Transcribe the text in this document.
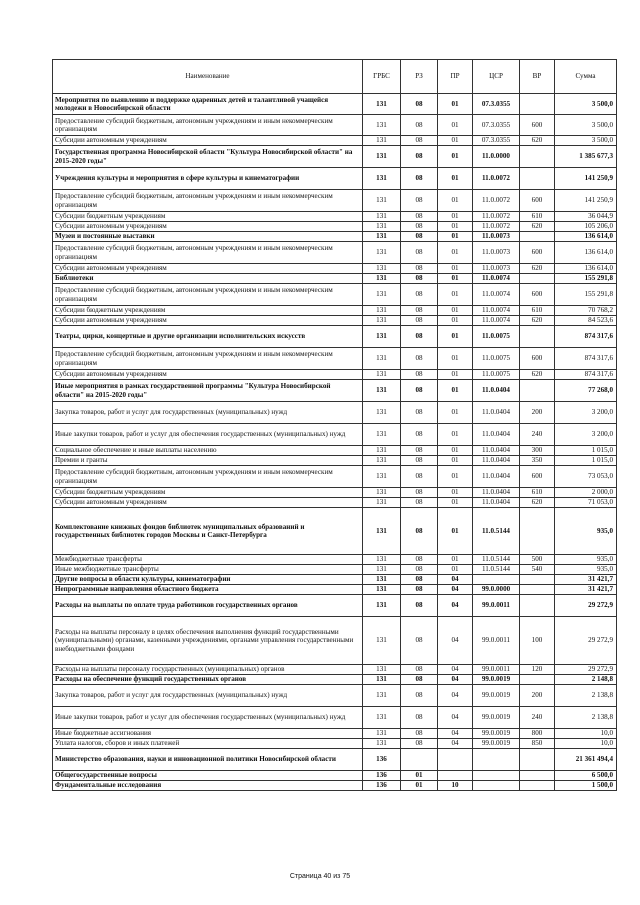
Наименование	ГРБС	РЗ	ПР	ЦСР	ВР	Сумма
Мероприятия по выявлению и поддержке одаренных детей и талантливой учащейся молодежи в Новосибирской области	131	08	01	07.3.0355		3 500,0
Предоставление субсидий бюджетным, автономным учреждениям и иным некоммерческим организациям	131	08	01	07.3.0355	600	3 500,0
Субсидии автономным учреждениям	131	08	01	07.3.0355	620	3 500,0
Государственная программа Новосибирской области "Культура Новосибирской области" на 2015-2020 годы"	131	08	01	11.0.0000		1 385 677,3
Учреждения культуры и мероприятия в сфере культуры и кинематографии	131	08	01	11.0.0072		141 250,9
Предоставление субсидий бюджетным, автономным учреждениям и иным некоммерческим организациям	131	08	01	11.0.0072	600	141 250,9
Субсидии бюджетным учреждениям	131	08	01	11.0.0072	610	36 044,9
Субсидии автономным учреждениям	131	08	01	11.0.0072	620	105 206,0
Музеи и постоянные выставки	131	08	01	11.0.0073		136 614,0
Предоставление субсидий бюджетным, автономным учреждениям и иным некоммерческим организациям	131	08	01	11.0.0073	600	136 614,0
Субсидии автономным учреждениям	131	08	01	11.0.0073	620	136 614,0
Библиотеки	131	08	01	11.0.0074		155 291,8
Предоставление субсидий бюджетным, автономным учреждениям и иным некоммерческим организациям	131	08	01	11.0.0074	600	155 291,8
Субсидии бюджетным учреждениям	131	08	01	11.0.0074	610	70 768,2
Субсидии автономным учреждениям	131	08	01	11.0.0074	620	84 523,6
Театры, цирки, концертные и другие организации исполнительских искусств	131	08	01	11.0.0075		874 317,6
Предоставление субсидий бюджетным, автономным учреждениям и иным некоммерческим организациям	131	08	01	11.0.0075	600	874 317,6
Субсидии автономным учреждениям	131	08	01	11.0.0075	620	874 317,6
Иные мероприятия в рамках государственной программы "Культура Новосибирской области" на 2015-2020 годы"	131	08	01	11.0.0404		77 268,0
Закупка товаров, работ и услуг для государственных (муниципальных) нужд	131	08	01	11.0.0404	200	3 200,0
Иные закупки товаров, работ и услуг для обеспечения государственных (муниципальных) нужд	131	08	01	11.0.0404	240	3 200,0
Социальное обеспечение и иные выплаты населению	131	08	01	11.0.0404	300	1 015,0
Премии и гранты	131	08	01	11.0.0404	350	1 015,0
Предоставление субсидий бюджетным, автономным учреждениям и иным некоммерческим организациям	131	08	01	11.0.0404	600	73 053,0
Субсидии бюджетным учреждениям	131	08	01	11.0.0404	610	2 000,0
Субсидии автономным учреждениям	131	08	01	11.0.0404	620	71 053,0
Комплектование книжных фондов библиотек муниципальных образований и государственных библиотек городов Москвы и Санкт-Петербурга	131	08	01	11.0.5144		935,0
Межбюджетные трансферты	131	08	01	11.0.5144	500	935,0
Иные межбюджетные трансферты	131	08	01	11.0.5144	540	935,0
Другие вопросы в области культуры, кинематографии	131	08	04			31 421,7
Непрограммные направления областного бюджета	131	08	04	99.0.0000		31 421,7
Расходы на выплаты по оплате труда работников государственных органов	131	08	04	99.0.0011		29 272,9
Расходы на выплаты персоналу в целях обеспечения выполнения функций государственными (муниципальными) органами, казенными учреждениями, органами управления государственными внебюджетными фондами	131	08	04	99.0.0011	100	29 272,9
Расходы на выплаты персоналу государственных (муниципальных) органов	131	08	04	99.0.0011	120	29 272,9
Расходы на обеспечение функций государственных органов	131	08	04	99.0.0019		2 148,8
Закупка товаров, работ и услуг для государственных (муниципальных) нужд	131	08	04	99.0.0019	200	2 138,8
Иные закупки товаров, работ и услуг для обеспечения государственных (муниципальных) нужд	131	08	04	99.0.0019	240	2 138,8
Иные бюджетные ассигнования	131	08	04	99.0.0019	800	10,0
Уплата налогов, сборов и иных платежей	131	08	04	99.0.0019	850	10,0
Министерство образования, науки и инновационной политики Новосибирской области	136					21 361 494,4
Общегосударственные вопросы	136	01				6 500,0
Фундаментальные исследования	136	01	10			1 500,0
Страница 40 из 75
